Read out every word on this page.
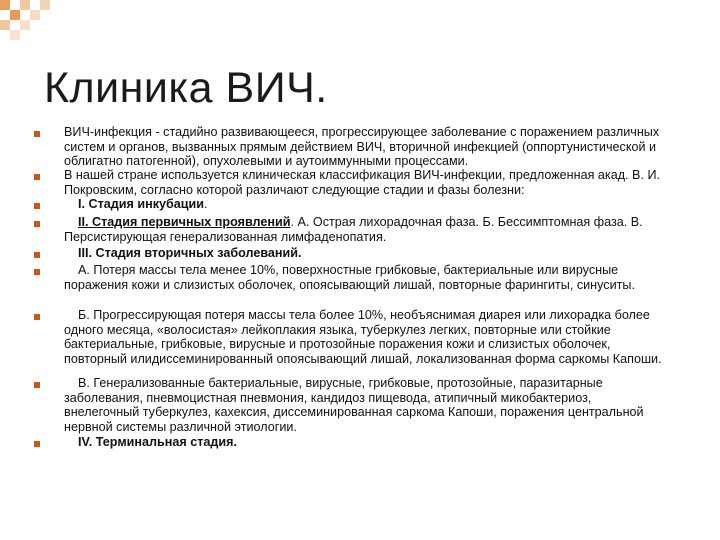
Клиника ВИЧ.
ВИЧ-инфекция - стадийно развивающееся, прогрессирующее заболевание с поражением различных систем и органов, вызванных прямым действием ВИЧ, вторичной инфекцией (оппортунистической и облигатно патогенной), опухолевыми и аутоиммунными процессами.
В нашей стране используется клиническая классификация ВИЧ-инфекции, предложенная акад. В. И. Покровским, согласно которой различают следующие стадии и фазы болезни:
I. Стадия инкубации.
II. Стадия первичных проявлений. А. Острая лихорадочная фаза. Б. Бессимптомная фаза. В. Персистирующая генерализованная лимфаденопатия.
III. Стадия вторичных заболеваний.
А. Потеря массы тела менее 10%, поверхностные грибковые, бактериальные или вирусные поражения кожи и слизистых оболочек, опоясывающий лишай, повторные фарингиты, синуситы.
Б. Прогрессирующая потеря массы тела более 10%, необъяснимая диарея или лихорадка более одного месяца, «волосистая» лейкоплакия языка, туберкулез легких, повторные или стойкие бактериальные, грибковые, вирусные и протозойные поражения кожи и слизистых оболочек, повторный илидиссеминированный опоясывающий лишай, локализованная форма саркомы Капоши.
В. Генерализованные бактериальные, вирусные, грибковые, протозойные, паразитарные заболевания, пневмоцистная пневмония, кандидоз пищевода, атипичный микобактериоз, внелегочный туберкулез, кахексия, диссеминированная саркома Капоши, поражения центральной нервной системы различной этиологии.
IV. Терминальная стадия.
